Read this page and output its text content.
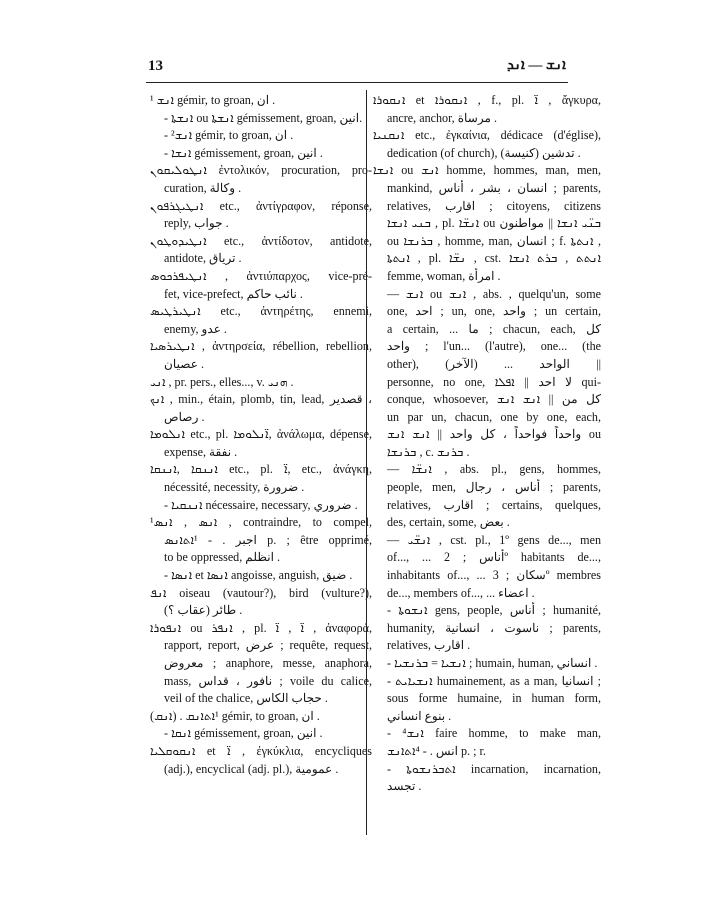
13	ܐܢܫ — ܐܢܕ
ܐܢܫ ¹ gémir, to groan, ان .
- ܐܢܫܬܐ ou ܐܢܫܬܐ gémissement, groan, انين.
- ²ܐܢܫ gémir, to groan, ان .
- ܐܢܫܐ gémissement, groan, انين .
ܐܢܛܘܠܝܩܘܢ ἐντολικόν, procuration, pro-
curation, وكالة .
ܐܢܛܝܓܪܦܘܢ etc., ἀντίγραφον, réponse,
reply, جواب .
ܐܢܛܝܕܘܛܘܢ etc., ἀντίδοτον, antidote,
antidote, ترياق .
ܐܢܛܝܦܪܟܘܣ , ἀντιύπαρχος, vice-pré-
fet, vice-prefect, نائب حاكم .
ܐܢܛܝܪܛܝܣ etc., ἀντηρέτης, ennemi,
enemy, عدو .
ܐܢܛܝܪܣܝܐ , ἀντηρσεία, rébellion, rebellion,
عصيان .
ܐܢܝ , pr. pers., elles..., v. ܗܢܝ .
ܐܢܟ , min., étain, plomb, tin, lead, قصدير ،
رصاص .
ܐܢܠܘܡܐ etc., pl. ܐ̈ܢܠܘܡܐ, ἀνάλωμα, dépense,
expense, نفقة .
ܐܢܢܩܐ ,ܐܢܢܩܐ etc., pl. ܐ̈, etc., ἀνάγκη,
nécessité, necessity, ضرورة .
- ܐܢܢܩܝܐ nécessaire, necessary, ضروري .
¹ܐܢܣ , ܐܢܣ , contraindre, to compel,
اجبر . - ¹ܐܬܐܢܣ p. ; être opprimé,
to be oppressed, انظلم .
- ܐܢܣܐ et ܐܢܣܐ angoisse, anguish, ضيق .
ܐܢܦ oiseau (vautour?), bird (vulture?),
طائر (عقاب ؟) .
ܐܢܦܘܪܐ ou ܐܢܦܪ , pl. ܐ̈ , ܐ̈ , ἀναφορά,
rapport, report, عرض ; requête, request,
معروض ; anaphore, messe, anaphora,
mass, نافور ، قداس ; voile du calice,
veil of the chalice, حجاب الكاس .
(ܐܢܩ) . ¹ܐܬܐܢܩ gémir, to groan, ان .
- ܐܢܩܐ gémissement, groan, انين .
ܐܢܩܘܩܠܝܐ et ܐ̈ , ἐγκύκλια, encycliques
(adj.), encyclical (adj. pl.), عمومية .
ܐܢܩܘܪܐ et ܐܢܩܘܪܐ , f., pl. ܐ̈ , ἄγκυρα,
ancre, anchor, مرساة .
ܐܢܩܢܝܐ etc., ἐγκαίνια, dédicace (d'église),
dedication (of church), (كنيسة) تدشين .
ܐܢܫܐ ou ܐܢܫ homme, hommes, man, men,
mankind, انسان ، بشر ، أناس ; parents,
relatives, اقارب ; citoyens, citizens
ܒܢܝ ܐܢܫܐ , pl. ܐܢܫ̈ܐ ou ܒܢ̈ܝ ܐܢܫܐ || مواطنون
ou ܒܪܢܫܐ , homme, man, انسان ; f. ܐܢܬܬܐ ,
ܐܢܬܬܐ , pl. ܢܫ̈ܐ , cst. ܐܢܬܬ , ܒܪܬ ܐܢܫܐ
femme, woman, امرأة .
— ܐܢܫ ou ܐܢܫ , abs. , quelqu'un, some
one, احد ; un, one, واحد ; un certain,
a certain, ... ما ; chacun, each, كل
واحد ; l'un... (l'autre), one... (the
other), الواحد ... (الآخر) ||
personne, no one, لا احد || ܐܦܠܐ qui-
conque, whosoever, كل من || ܐܢܫ ܐܢܫ
un par un, chacun, one by one, each,
واحداً فواحداً ، كل واحد || ܐܢܫ ܐܢܫ ou
ܒܪܢܫܐ , c. ܒܪܢܫ .
— ܐܢܫ̈ܐ , abs. pl., gens, hommes,
people, men, أناس ، رجال ; parents,
relatives, اقارب ; certains, quelques,
des, certain, some, بعض .
— ܐܢܫ̈ܝ , cst. pl., 1º gens de..., men
of..., ... أناس ; 2º habitants de...,
inhabitants of..., ... سكان ; 3º membres
de..., members of..., ... اعضاء .
- ܐܢܫܘܬܐ gens, people, أناس ; humanité,
humanity, ناسوت ، انسانية ; parents,
relatives, اقارب .
- ܐܢܫܝܐ = ܒܪܢܫܝܐ ; humain, human, انساني .
- ܐܢܫܝܐܝܬ humainement, as a man, انسانيا ;
sous forme humaine, in human form,
بنوع انساني .
- ⁴ܐܢܫ faire homme, to make man,
انس . - ⁴ܐܬܐܢܫ p. ; r.
- ܐܬܒܪܢܫܘܬܐ incarnation, incarnation,
تجسد .
